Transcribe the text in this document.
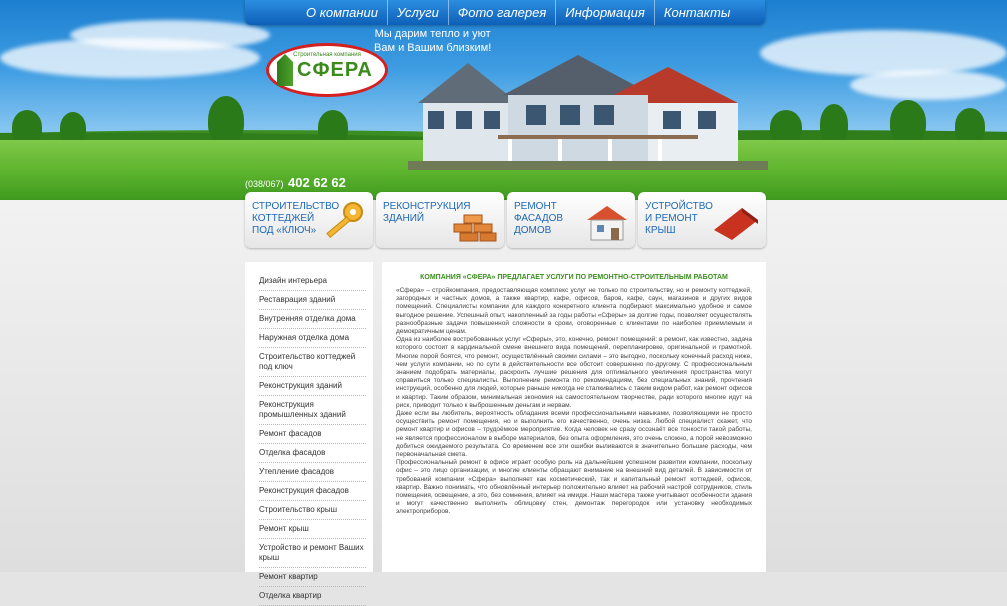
О компании	Услуги	Фото галерея	Информация	Контакты
Мы дарим тепло и уют
Вам и Вашим близким!
Строительная компания
СФЕРА
(038/067) 402 62 62
СТРОИТЕЛЬСТВО КОТТЕДЖЕЙ ПОД «КЛЮЧ»
РЕКОНСТРУКЦИЯ ЗДАНИЙ
РЕМОНТ ФАСАДОВ ДОМОВ
УСТРОЙСТВО И РЕМОНТ КРЫШ
Дизайн интерьера
Реставрация зданий
Внутренняя отделка дома
Наружная отделка дома
Строительство коттеджей под ключ
Реконструкция зданий
Реконструкция промышленных зданий
Ремонт фасадов
Отделка фасадов
Утепление фасадов
Реконструкция фасадов
Строительство крыш
Ремонт крыш
Устройство и ремонт Ваших крыш
Ремонт квартир
Отделка квартир
КОМПАНИЯ «СФЕРА» ПРЕДЛАГАЕТ УСЛУГИ ПО РЕМОНТНО-СТРОИТЕЛЬНЫМ РАБОТАМ

«Сфера» – стройкомпания, предоставляющая комплекс услуг не только по строительству, но и ремонту коттеджей, загородных и частных домов, а также квартир, кафе, офисов, баров, кафе, саун, магазинов и других видов помещений. Специалисты компании для каждого конкретного клиента подбирают максимально удобное и самое выгодное решение. Успешный опыт, накопленный за годы работы «Сферы» за долгие годы, позволяет осуществлять разнообразные задачи повышенной сложности в сроки, оговоренные с клиентами по наиболее приемлемым и демократичным ценам.

Одна из наиболее востребованных услуг «Сферы», это, конечно, ремонт помещений: в ремонт, как известно, задача которого состоит в кардинальной смене внешнего вида помещений, перепланировке, оригинальной и грамотной. Многие порой боятся, что ремонт, осуществлённый своими силами – это выгодно, поскольку конечный расход ниже, чем услуги компании, но по сути в действительности все обстоит совершенно по-другому. С профессиональным знанием подобрать материалы, раскроить лучшие решения для оптимального увеличения пространства могут справиться только специалисты. Выполнение ремонта по рекомендациям, без специальных знаний, прочтения инструкций, особенно для людей, которые раньше никогда не сталкивались с таким видом работ, как ремонт офисов и квартир. Таким образом, минимальная экономия на самостоятельном творчестве, ради которого многие идут на риск, приводит только к выброшенным деньгам и нервам.

Даже если вы любитель, вероятность обладания всеми профессиональными навыками, позволяющими не просто осуществить ремонт помещения, но и выполнить его качественно, очень низка. Любой специалист скажет, что ремонт квартир и офисов – трудоёмкое мероприятие. Когда человек не сразу осознаёт все тонкости такой работы, не является профессионалом в выборе материалов, без опыта оформления, это очень сложно, а порой невозможно добиться ожидаемого результата. Со временем все эти ошибки выливаются в значительно большие расходы, чем первоначальная смета.

Профессиональный ремонт в офисе играет особую роль на дальнейшем успешном развитии компании, поскольку офис – это лицо организации, и многие клиенты обращают внимание на внешний вид деталей. В зависимости от требований компании «Сфера» выполняет как косметический, так и капитальный ремонт коттеджей, офисов, квартир. Важно понимать, что обновлённый интерьер положительно влияет на рабочий настрой сотрудников, стиль помещения, освещение, а это, без сомнения, влияет на имидж. Наши мастера также учитывают особенности здания и могут качественно выполнить облицовку стен, демонтаж перегородок или установку необходимых электроприборов.
